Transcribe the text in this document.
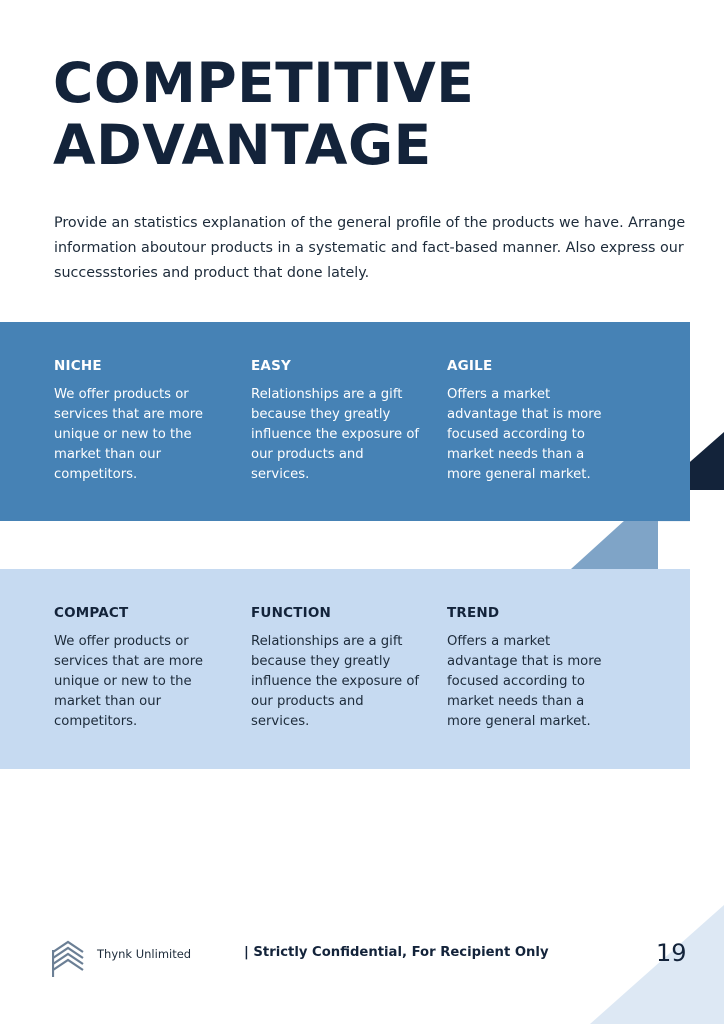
COMPETITIVE
ADVANTAGE

Provide an statistics explanation of the general profile of the products we have. Arrange information aboutour products in a systematic and fact-based manner. Also express our successstories and product that done lately.

NICHE

We offer products or services that are more unique or new to the market than our competitors.

EASY

Relationships are a gift because they greatly influence the exposure of our products and services.

AGILE

Offers a market advantage that is more focused according to market needs than a more general market.

COMPACT

We offer products or services that are more unique or new to the market than our competitors.

FUNCTION

Relationships are a gift because they greatly influence the exposure of our products and services.

TREND

Offers a market advantage that is more focused according to market needs than a more general market.

Thynk Unlimited	| Strictly Confidential, For Recipient Only	19
